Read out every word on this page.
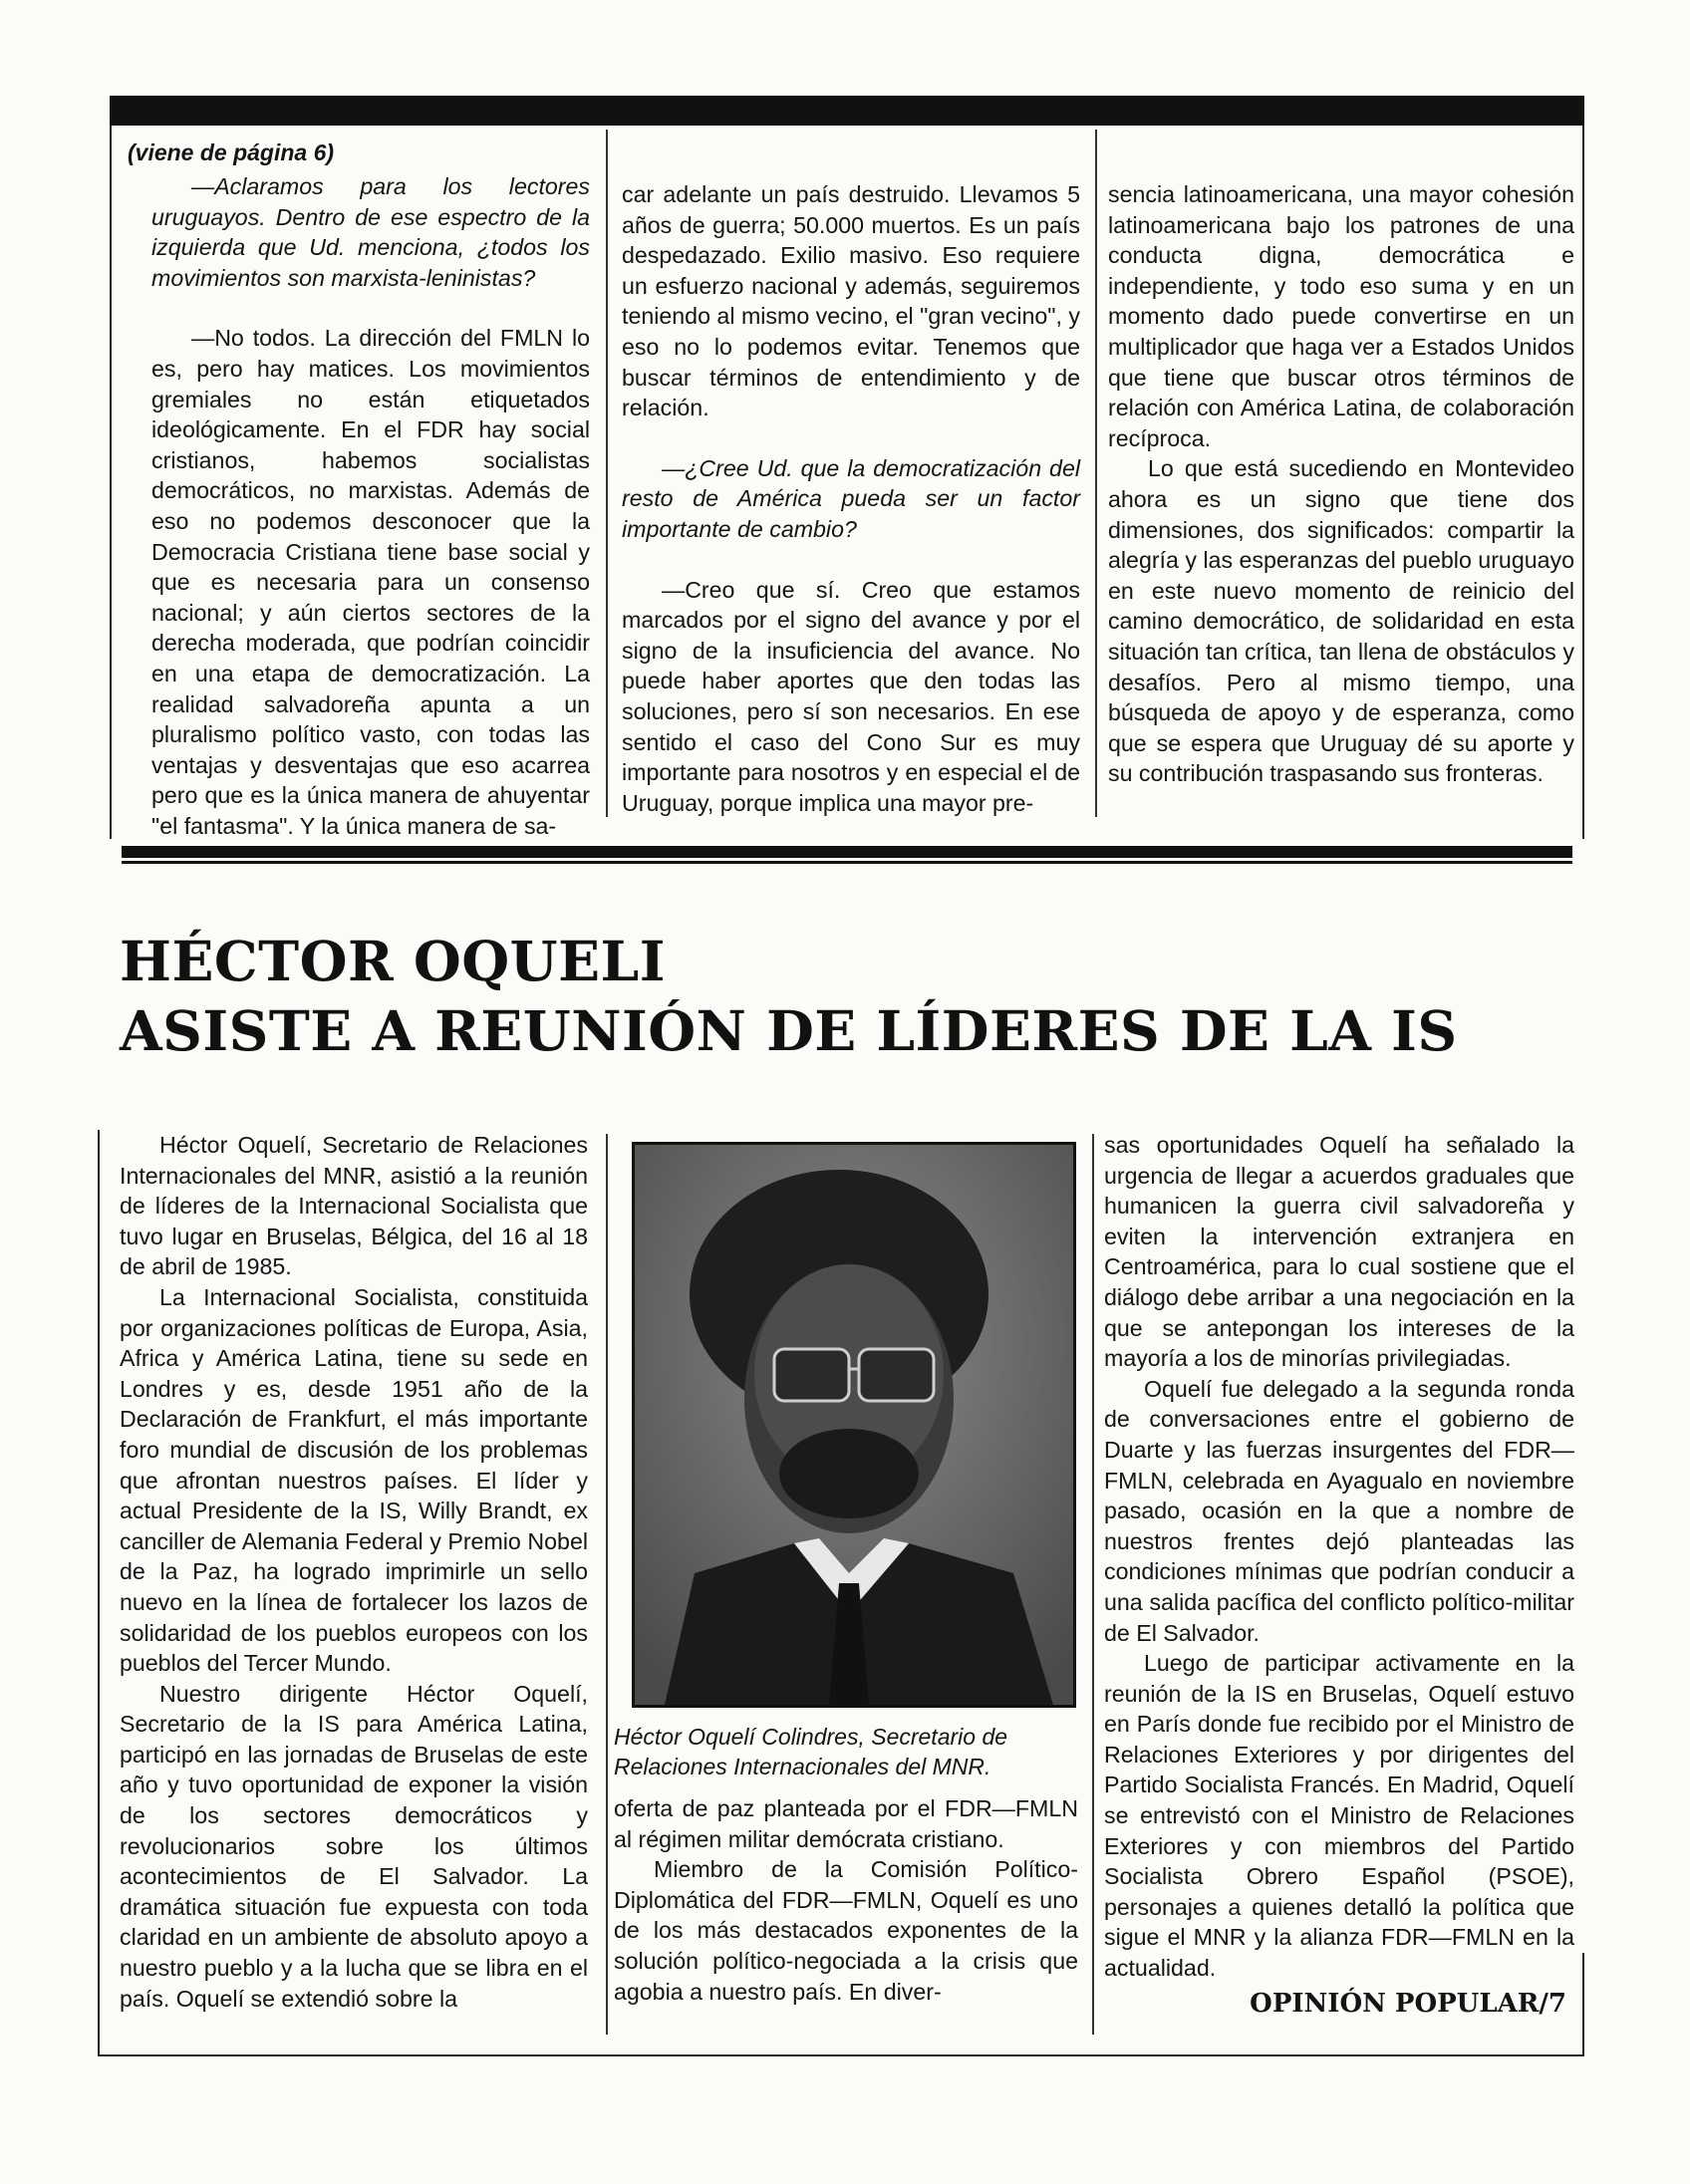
(viene de página 6)

—Aclaramos para los lectores uruguayos. Dentro de ese espectro de la izquierda que Ud. menciona, ¿todos los movimientos son marxista-leninistas?

—No todos. La dirección del FMLN lo es, pero hay matices. Los movimientos gremiales no están etiquetados ideológicamente. En el FDR hay social cristianos, habemos socialistas democráticos, no marxistas. Además de eso no podemos desconocer que la Democracia Cristiana tiene base social y que es necesaria para un consenso nacional; y aún ciertos sectores de la derecha moderada, que podrían coincidir en una etapa de democratización. La realidad salvadoreña apunta a un pluralismo político vasto, con todas las ventajas y desventajas que eso acarrea pero que es la única manera de ahuyentar "el fantasma". Y la única manera de sa-

car adelante un país destruido. Llevamos 5 años de guerra; 50.000 muertos. Es un país despedazado. Exilio masivo. Eso requiere un esfuerzo nacional y además, seguiremos teniendo al mismo vecino, el "gran vecino", y eso no lo podemos evitar. Tenemos que buscar términos de entendimiento y de relación.

—¿Cree Ud. que la democratización del resto de América pueda ser un factor importante de cambio?

—Creo que sí. Creo que estamos marcados por el signo del avance y por el signo de la insuficiencia del avance. No puede haber aportes que den todas las soluciones, pero sí son necesarios. En ese sentido el caso del Cono Sur es muy importante para nosotros y en especial el de Uruguay, porque implica una mayor pre-

sencia latinoamericana, una mayor cohesión latinoamericana bajo los patrones de una conducta digna, democrática e independiente, y todo eso suma y en un momento dado puede convertirse en un multiplicador que haga ver a Estados Unidos que tiene que buscar otros términos de relación con América Latina, de colaboración recíproca.

Lo que está sucediendo en Montevideo ahora es un signo que tiene dos dimensiones, dos significados: compartir la alegría y las esperanzas del pueblo uruguayo en este nuevo momento de reinicio del camino democrático, de solidaridad en esta situación tan crítica, tan llena de obstáculos y desafíos. Pero al mismo tiempo, una búsqueda de apoyo y de esperanza, como que se espera que Uruguay dé su aporte y su contribución traspasando sus fronteras.

HÉCTOR OQUELI
ASISTE A REUNIÓN DE LÍDERES DE LA IS

Héctor Oquelí, Secretario de Relaciones Internacionales del MNR, asistió a la reunión de líderes de la Internacional Socialista que tuvo lugar en Bruselas, Bélgica, del 16 al 18 de abril de 1985.

La Internacional Socialista, constituida por organizaciones políticas de Europa, Asia, Africa y América Latina, tiene su sede en Londres y es, desde 1951 año de la Declaración de Frankfurt, el más importante foro mundial de discusión de los problemas que afrontan nuestros países. El líder y actual Presidente de la IS, Willy Brandt, ex canciller de Alemania Federal y Premio Nobel de la Paz, ha logrado imprimirle un sello nuevo en la línea de fortalecer los lazos de solidaridad de los pueblos europeos con los pueblos del Tercer Mundo.

Nuestro dirigente Héctor Oquelí, Secretario de la IS para América Latina, participó en las jornadas de Bruselas de este año y tuvo oportunidad de exponer la visión de los sectores democráticos y revolucionarios sobre los últimos acontecimientos de El Salvador. La dramática situación fue expuesta con toda claridad en un ambiente de absoluto apoyo a nuestro pueblo y a la lucha que se libra en el país. Oquelí se extendió sobre la

Héctor Oquelí Colindres, Secretario de Relaciones Internacionales del MNR.

oferta de paz planteada por el FDR—FMLN al régimen militar demócrata cristiano.

Miembro de la Comisión Político-Diplomática del FDR—FMLN, Oquelí es uno de los más destacados exponentes de la solución político-negociada a la crisis que agobia a nuestro país. En diver-

sas oportunidades Oquelí ha señalado la urgencia de llegar a acuerdos graduales que humanicen la guerra civil salvadoreña y eviten la intervención extranjera en Centroamérica, para lo cual sostiene que el diálogo debe arribar a una negociación en la que se antepongan los intereses de la mayoría a los de minorías privilegiadas.

Oquelí fue delegado a la segunda ronda de conversaciones entre el gobierno de Duarte y las fuerzas insurgentes del FDR—FMLN, celebrada en Ayagualo en noviembre pasado, ocasión en la que a nombre de nuestros frentes dejó planteadas las condiciones mínimas que podrían conducir a una salida pacífica del conflicto político-militar de El Salvador.

Luego de participar activamente en la reunión de la IS en Bruselas, Oquelí estuvo en París donde fue recibido por el Ministro de Relaciones Exteriores y por dirigentes del Partido Socialista Francés. En Madrid, Oquelí se entrevistó con el Ministro de Relaciones Exteriores y con miembros del Partido Socialista Obrero Español (PSOE), personajes a quienes detalló la política que sigue el MNR y la alianza FDR—FMLN en la actualidad.

OPINIÓN POPULAR/7
